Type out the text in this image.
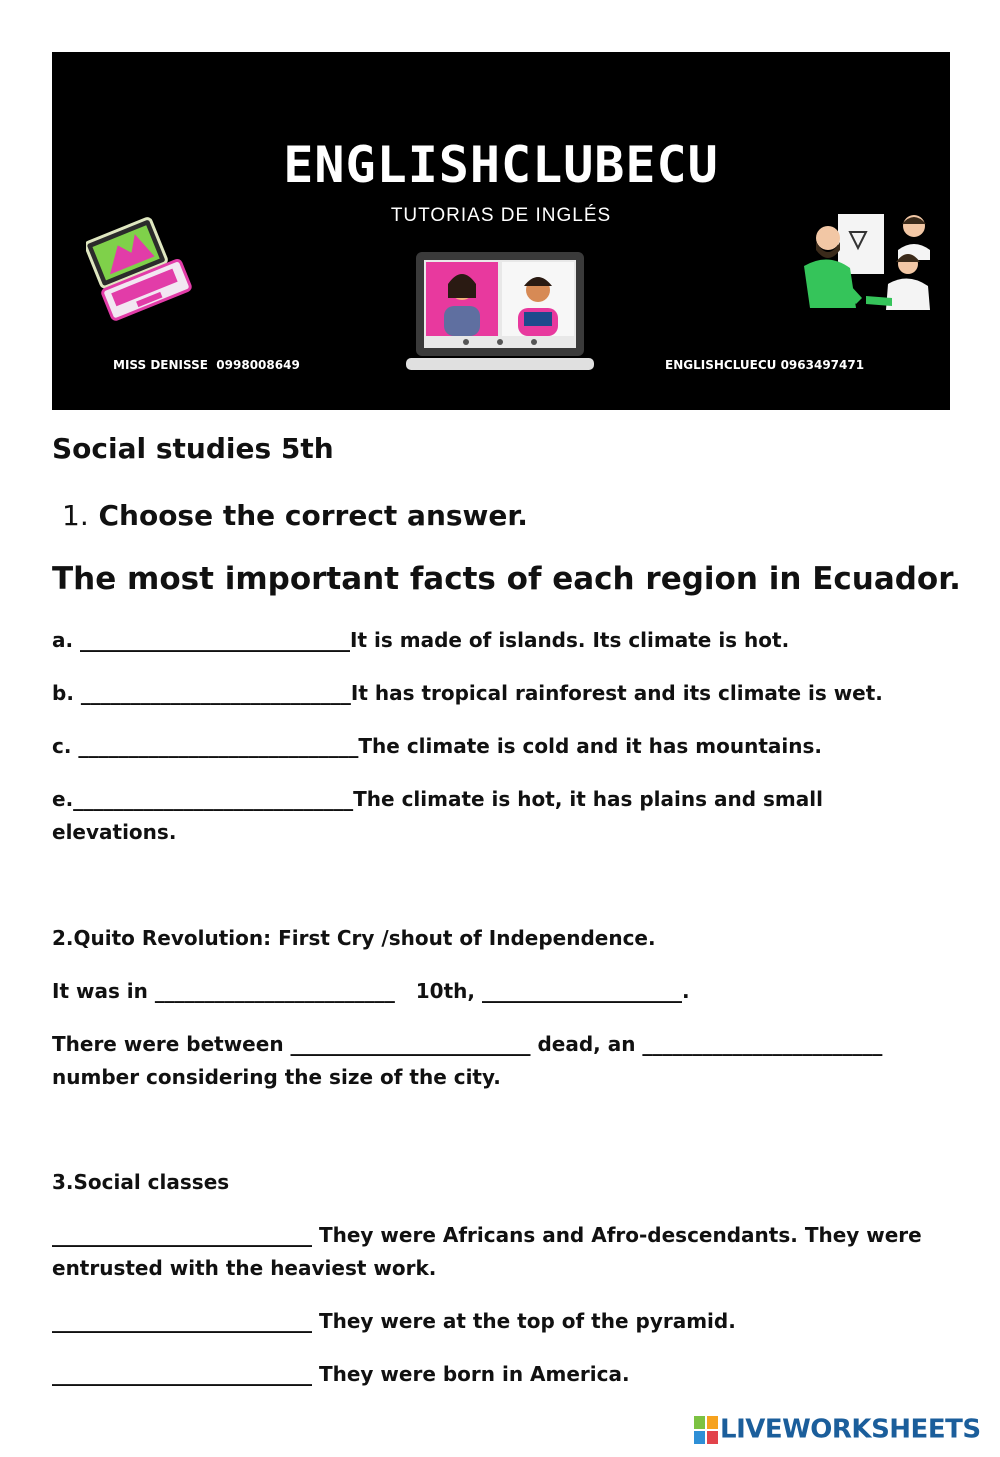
ENGLISHCLUBECU
TUTORIAS DE INGLÉS
MISS DENISSE  0998008649	ENGLISHCLUECU 0963497471
Social studies 5th
1. Choose the correct answer.
The most important facts of each region in Ecuador.
a. ___________________________It is made of islands. Its climate is hot.
b. ___________________________It has tropical rainforest and its climate is wet.
c. ____________________________The climate is cold and it has mountains.
e.____________________________The climate is hot, it has plains and small elevations.
2.Quito Revolution: First Cry /shout of Independence.
It was in ________________________   10th, ____________________.
There were between ________________________ dead, an ________________________ number considering the size of the city.
3.Social classes
__________________________ They were Africans and Afro-descendants. They were entrusted with the heaviest work.
__________________________ They were at the top of the pyramid.
__________________________ They were born in America.
LIVEWORKSHEETS
